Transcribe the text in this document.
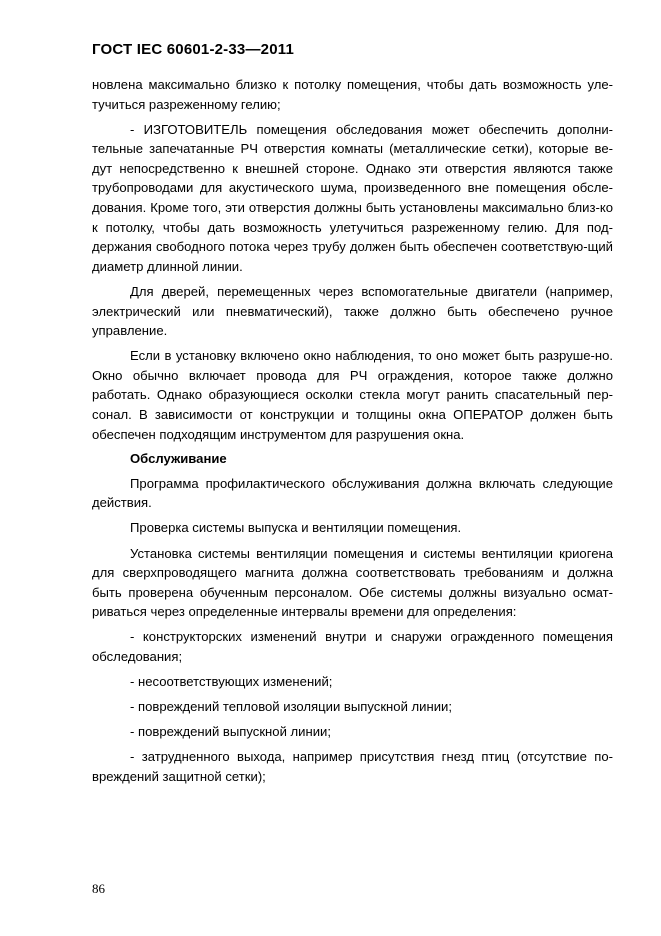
ГОСТ IEC 60601-2-33—2011

новлена максимально близко к потолку помещения, чтобы дать возможность уле-тучиться разреженному гелию;

- ИЗГОТОВИТЕЛЬ помещения обследования может обеспечить дополни-тельные запечатанные РЧ отверстия комнаты (металлические сетки), которые ве-дут непосредственно к внешней стороне. Однако эти отверстия являются также трубопроводами для акустического шума, произведенного вне помещения обсле-дования. Кроме того, эти отверстия должны быть установлены максимально близ-ко к потолку, чтобы дать возможность улетучиться разреженному гелию. Для под-держания свободного потока через трубу должен быть обеспечен соответствую-щий диаметр длинной линии.

Для дверей, перемещенных через вспомогательные двигатели (например, электрический или пневматический), также должно быть обеспечено ручное управление.

Если в установку включено окно наблюдения, то оно может быть разруше-но. Окно обычно включает провода для РЧ ограждения, которое также должно работать. Однако образующиеся осколки стекла могут ранить спасательный пер-сонал. В зависимости от конструкции и толщины окна ОПЕРАТОР должен быть обеспечен подходящим инструментом для разрушения окна.

Обслуживание

Программа профилактического обслуживания должна включать следующие действия.

Проверка системы выпуска и вентиляции помещения.

Установка системы вентиляции помещения и системы вентиляции криогена для сверхпроводящего магнита должна соответствовать требованиям и должна быть проверена обученным персоналом. Обе системы должны визуально осмат-риваться через определенные интервалы времени для определения:

- конструкторских изменений внутри и снаружи огражденного помещения обследования;

- несоответствующих изменений;

- повреждений тепловой изоляции выпускной линии;

- повреждений выпускной линии;

- затрудненного выхода, например присутствия гнезд птиц (отсутствие по-вреждений защитной сетки);

86
